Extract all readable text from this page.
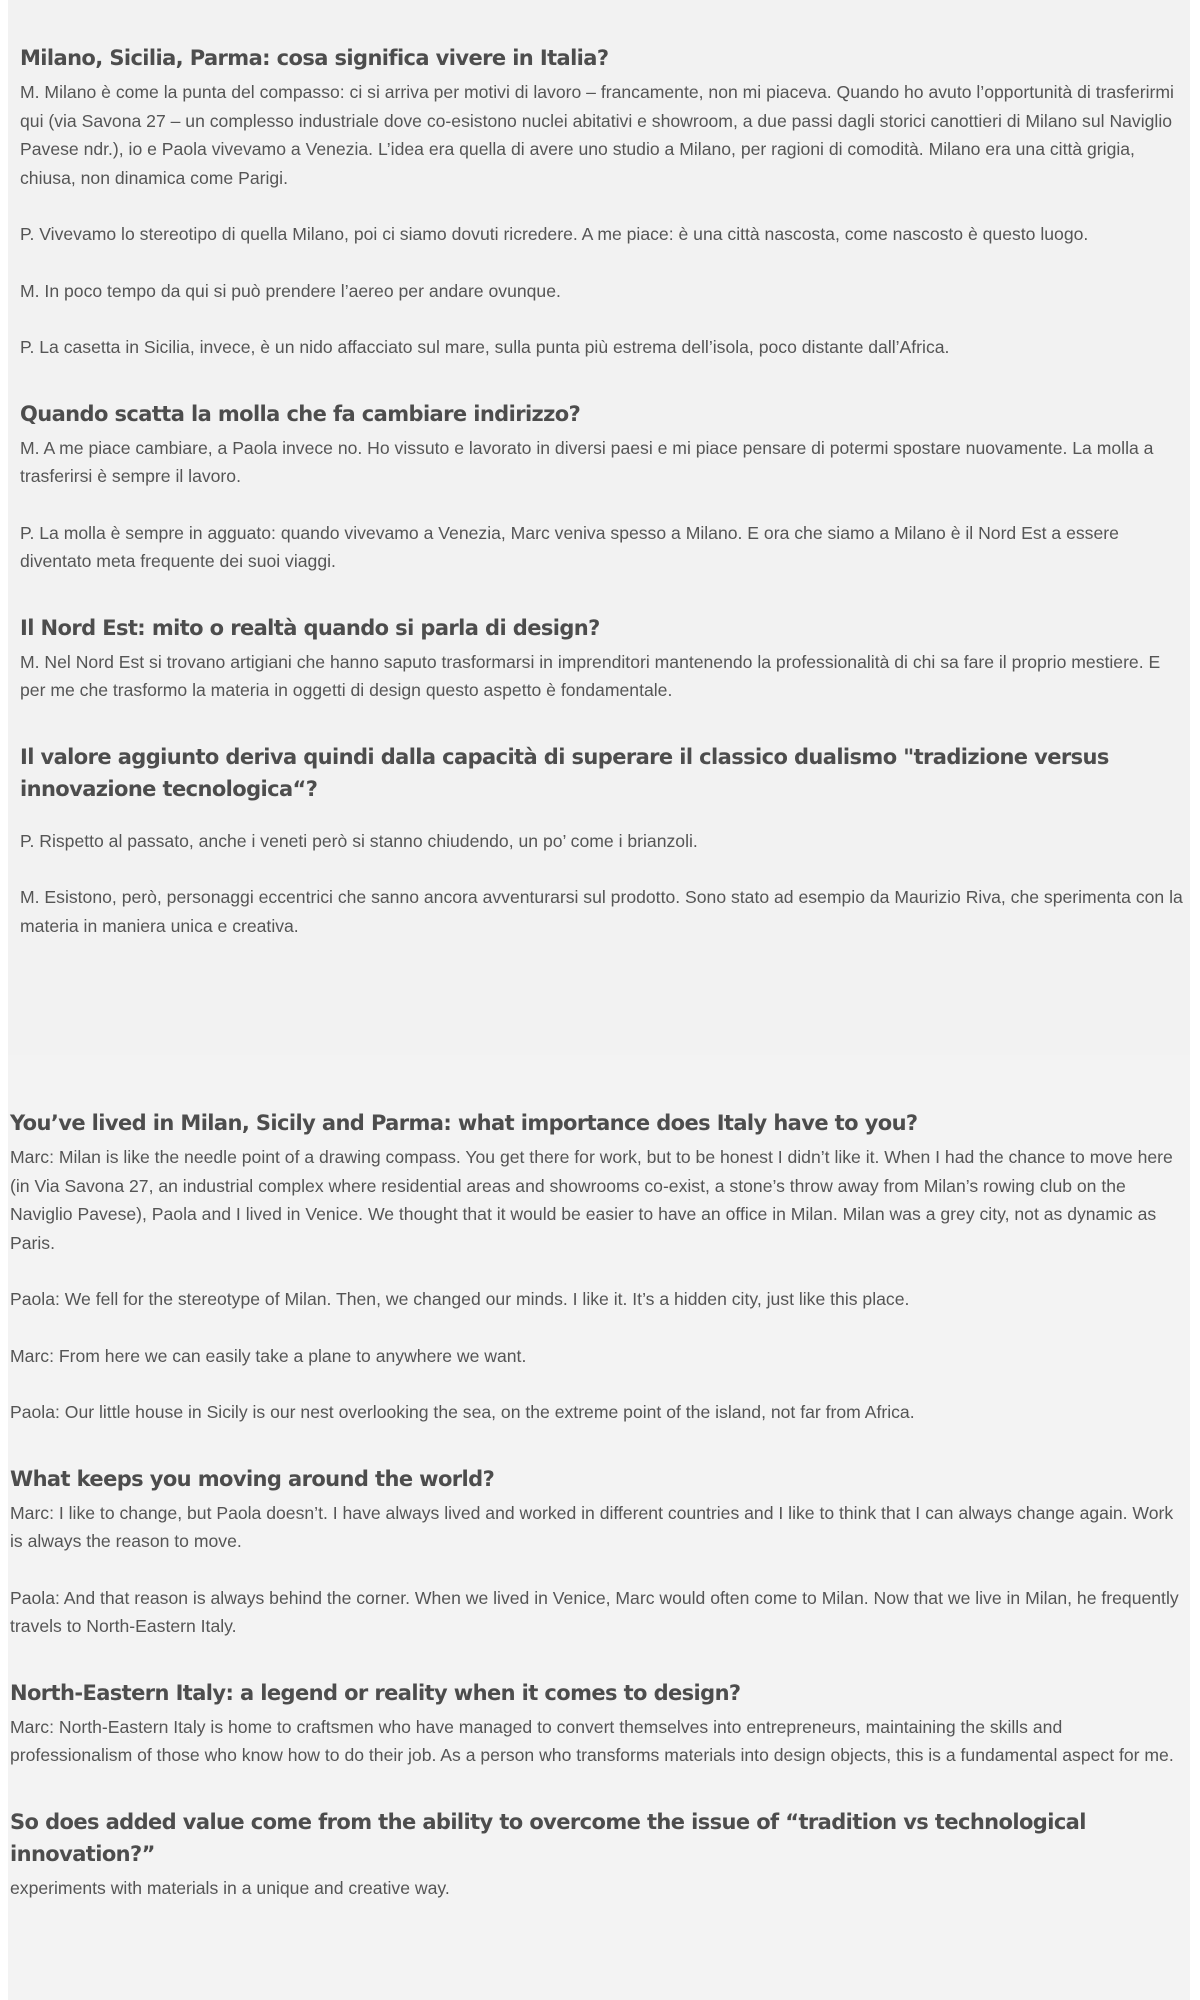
Milano, Sicilia, Parma: cosa significa vivere in Italia?

M. Milano è come la punta del compasso: ci si arriva per motivi di lavoro – francamente, non mi piaceva. Quando ho avuto l’opportunità di trasferirmi qui (via Savona 27 – un complesso industriale dove co-esistono nuclei abitativi e showroom, a due passi dagli storici canottieri di Milano sul Naviglio Pavese ndr.), io e Paola vivevamo a Venezia. L’idea era quella di avere uno studio a Milano, per ragioni di comodità. Milano era una città grigia, chiusa, non dinamica come Parigi.

P. Vivevamo lo stereotipo di quella Milano, poi ci siamo dovuti ricredere. A me piace: è una città nascosta, come nascosto è questo luogo.

M. In poco tempo da qui si può prendere l’aereo per andare ovunque.

P. La casetta in Sicilia, invece, è un nido affacciato sul mare, sulla punta più estrema dell’isola, poco distante dall’Africa.

Quando scatta la molla che fa cambiare indirizzo?

M. A me piace cambiare, a Paola invece no. Ho vissuto e lavorato in diversi paesi e mi piace pensare di potermi spostare nuovamente. La molla a trasferirsi è sempre il lavoro.

P. La molla è sempre in agguato: quando vivevamo a Venezia, Marc veniva spesso a Milano. E ora che siamo a Milano è il Nord Est a essere diventato meta frequente dei suoi viaggi.

Il Nord Est: mito o realtà quando si parla di design?

M. Nel Nord Est si trovano artigiani che hanno saputo trasformarsi in imprenditori mantenendo la professionalità di chi sa fare il proprio mestiere. E per me che trasformo la materia in oggetti di design questo aspetto è fondamentale.

Il valore aggiunto deriva quindi dalla capacità di superare il classico dualismo "tradizione versus innovazione tecnologica“?

P. Rispetto al passato, anche i veneti però si stanno chiudendo, un po’ come i brianzoli.

M. Esistono, però, personaggi eccentrici che sanno ancora avventurarsi sul prodotto. Sono stato ad esempio da Maurizio Riva, che sperimenta con la materia in maniera unica e creativa.

You’ve lived in Milan, Sicily and Parma: what importance does Italy have to you?

Marc: Milan is like the needle point of a drawing compass. You get there for work, but to be honest I didn’t like it. When I had the chance to move here (in Via Savona 27, an industrial complex where residential areas and showrooms co-exist, a stone’s throw away from Milan’s rowing club on the Naviglio Pavese), Paola and I lived in Venice. We thought that it would be easier to have an office in Milan. Milan was a grey city, not as dynamic as Paris.

Paola: We fell for the stereotype of Milan. Then, we changed our minds. I like it. It’s a hidden city, just like this place.

Marc: From here we can easily take a plane to anywhere we want.

Paola: Our little house in Sicily is our nest overlooking the sea, on the extreme point of the island, not far from Africa.

What keeps you moving around the world?

Marc: I like to change, but Paola doesn’t. I have always lived and worked in different countries and I like to think that I can always change again. Work is always the reason to move.

Paola: And that reason is always behind the corner. When we lived in Venice, Marc would often come to Milan. Now that we live in Milan, he frequently travels to North-Eastern Italy.

North-Eastern Italy: a legend or reality when it comes to design?

Marc: North-Eastern Italy is home to craftsmen who have managed to convert themselves into entrepreneurs, maintaining the skills and professionalism of those who know how to do their job. As a person who transforms materials into design objects, this is a fundamental aspect for me.

So does added value come from the ability to overcome the issue of “tradition vs technological innovation?”

experiments with materials in a unique and creative way.
